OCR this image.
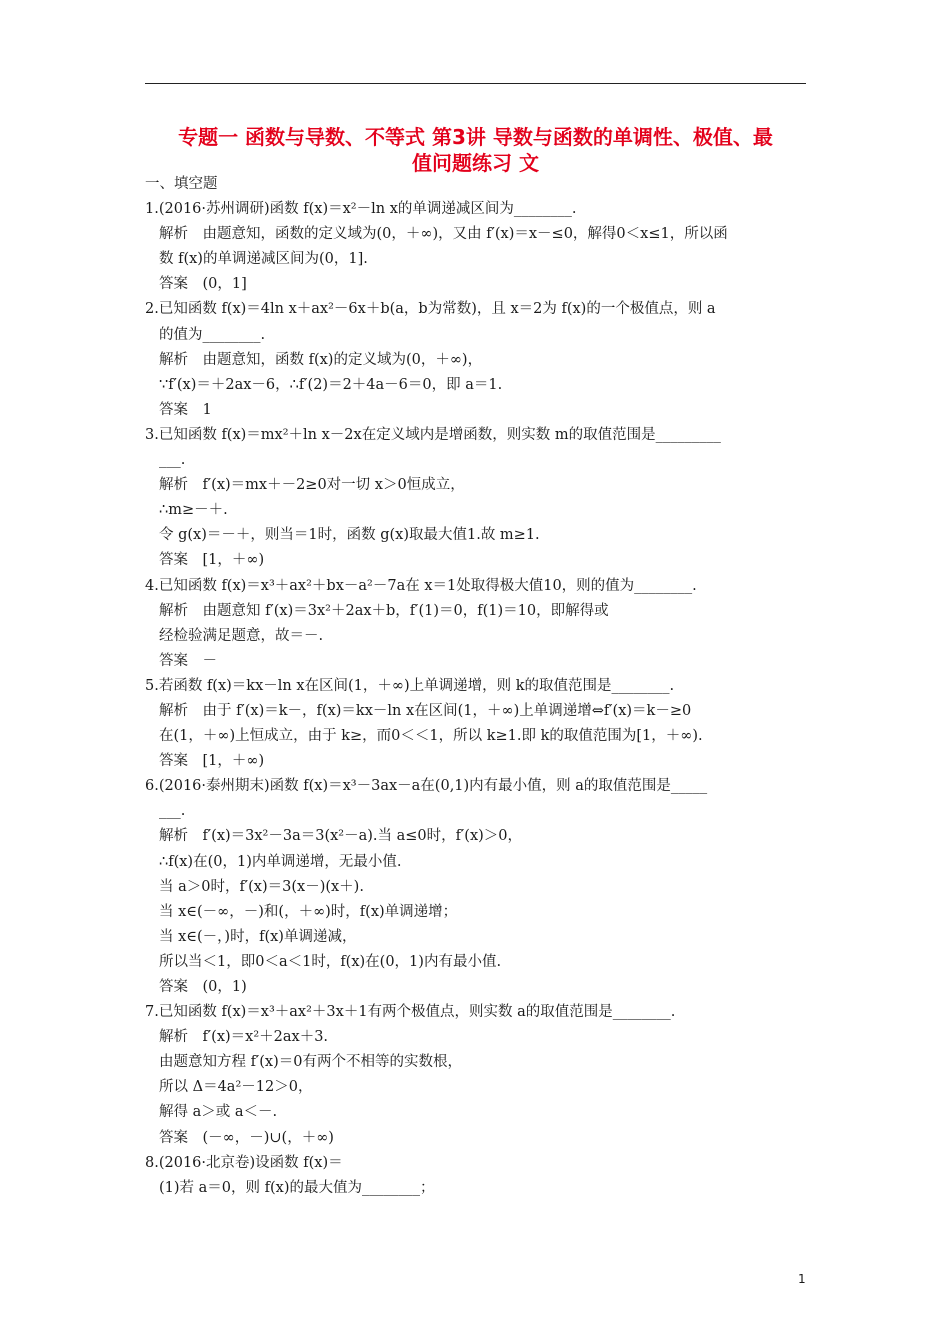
专题一 函数与导数、不等式 第3讲 导数与函数的单调性、极值、最
值问题练习 文
一、填空题
1.(2016·苏州调研)函数 f(x)＝x²－ln x的单调递减区间为________.
解析　由题意知，函数的定义域为(0，＋∞)，又由 f′(x)＝x－≤0，解得0＜x≤1，所以函
数 f(x)的单调递减区间为(0，1].
答案　(0，1]
2.已知函数 f(x)＝4ln x＋ax²－6x＋b(a，b为常数)，且 x＝2为 f(x)的一个极值点，则 a
的值为________.
解析　由题意知，函数 f(x)的定义域为(0，＋∞)，
∵f′(x)＝＋2ax－6，∴f′(2)＝2＋4a－6＝0，即 a＝1.
答案　1
3.已知函数 f(x)＝mx²＋ln x－2x在定义域内是增函数，则实数 m的取值范围是_________
___.
解析　f′(x)＝mx＋－2≥0对一切 x＞0恒成立，
∴m≥－＋.
令 g(x)＝－＋，则当＝1时，函数 g(x)取最大值1.故 m≥1.
答案　[1，＋∞)
4.已知函数 f(x)＝x³＋ax²＋bx－a²－7a在 x＝1处取得极大值10，则的值为________.
解析　由题意知 f′(x)＝3x²＋2ax＋b，f′(1)＝0，f(1)＝10，即解得或
经检验满足题意，故＝－.
答案　－
5.若函数 f(x)＝kx－ln x在区间(1，＋∞)上单调递增，则 k的取值范围是________.
解析　由于 f′(x)＝k－，f(x)＝kx－ln x在区间(1，＋∞)上单调递增⇔f′(x)＝k－≥0
在(1，＋∞)上恒成立，由于 k≥，而0＜＜1，所以 k≥1.即 k的取值范围为[1，＋∞).
答案　[1，＋∞)
6.(2016·泰州期末)函数 f(x)＝x³－3ax－a在(0,1)内有最小值，则 a的取值范围是_____
___.
解析　f′(x)＝3x²－3a＝3(x²－a).当 a≤0时，f′(x)＞0，
∴f(x)在(0，1)内单调递增，无最小值.
当 a＞0时，f′(x)＝3(x－)(x＋).
当 x∈(－∞，－)和(，＋∞)时，f(x)单调递增；
当 x∈(－，)时，f(x)单调递减，
所以当＜1，即0＜a＜1时，f(x)在(0，1)内有最小值.
答案　(0，1)
7.已知函数 f(x)＝x³＋ax²＋3x＋1有两个极值点，则实数 a的取值范围是________.
解析　f′(x)＝x²＋2ax＋3.
由题意知方程 f′(x)＝0有两个不相等的实数根，
所以 Δ＝4a²－12＞0，
解得 a＞或 a＜－.
答案　(－∞，－)∪(，＋∞)
8.(2016·北京卷)设函数 f(x)＝
(1)若 a＝0，则 f(x)的最大值为________；
1
